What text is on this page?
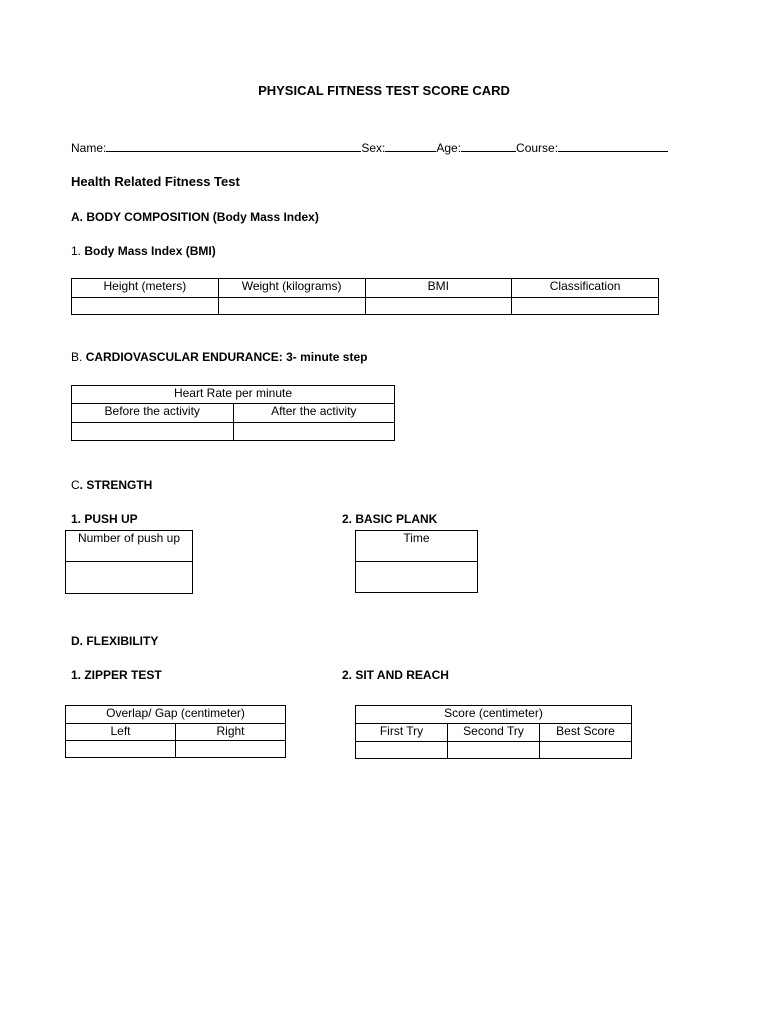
PHYSICAL FITNESS TEST SCORE CARD
Name:	Sex:	Age:	Course:
Health Related Fitness Test
A. BODY COMPOSITION (Body Mass Index)
1. Body Mass Index (BMI)
Height (meters)	Weight (kilograms)	BMI	Classification

B. CARDIOVASCULAR ENDURANCE: 3- minute step
Heart Rate per minute	
Before the activity	After the activity

C. STRENGTH
1. PUSH UP	2. BASIC PLANK
Number of push up	Time

D. FLEXIBILITY
1. ZIPPER TEST	2. SIT AND REACH
Overlap/ Gap (centimeter)	
Left	Right

Score (centimeter)		
First Try	Second Try	Best Score
